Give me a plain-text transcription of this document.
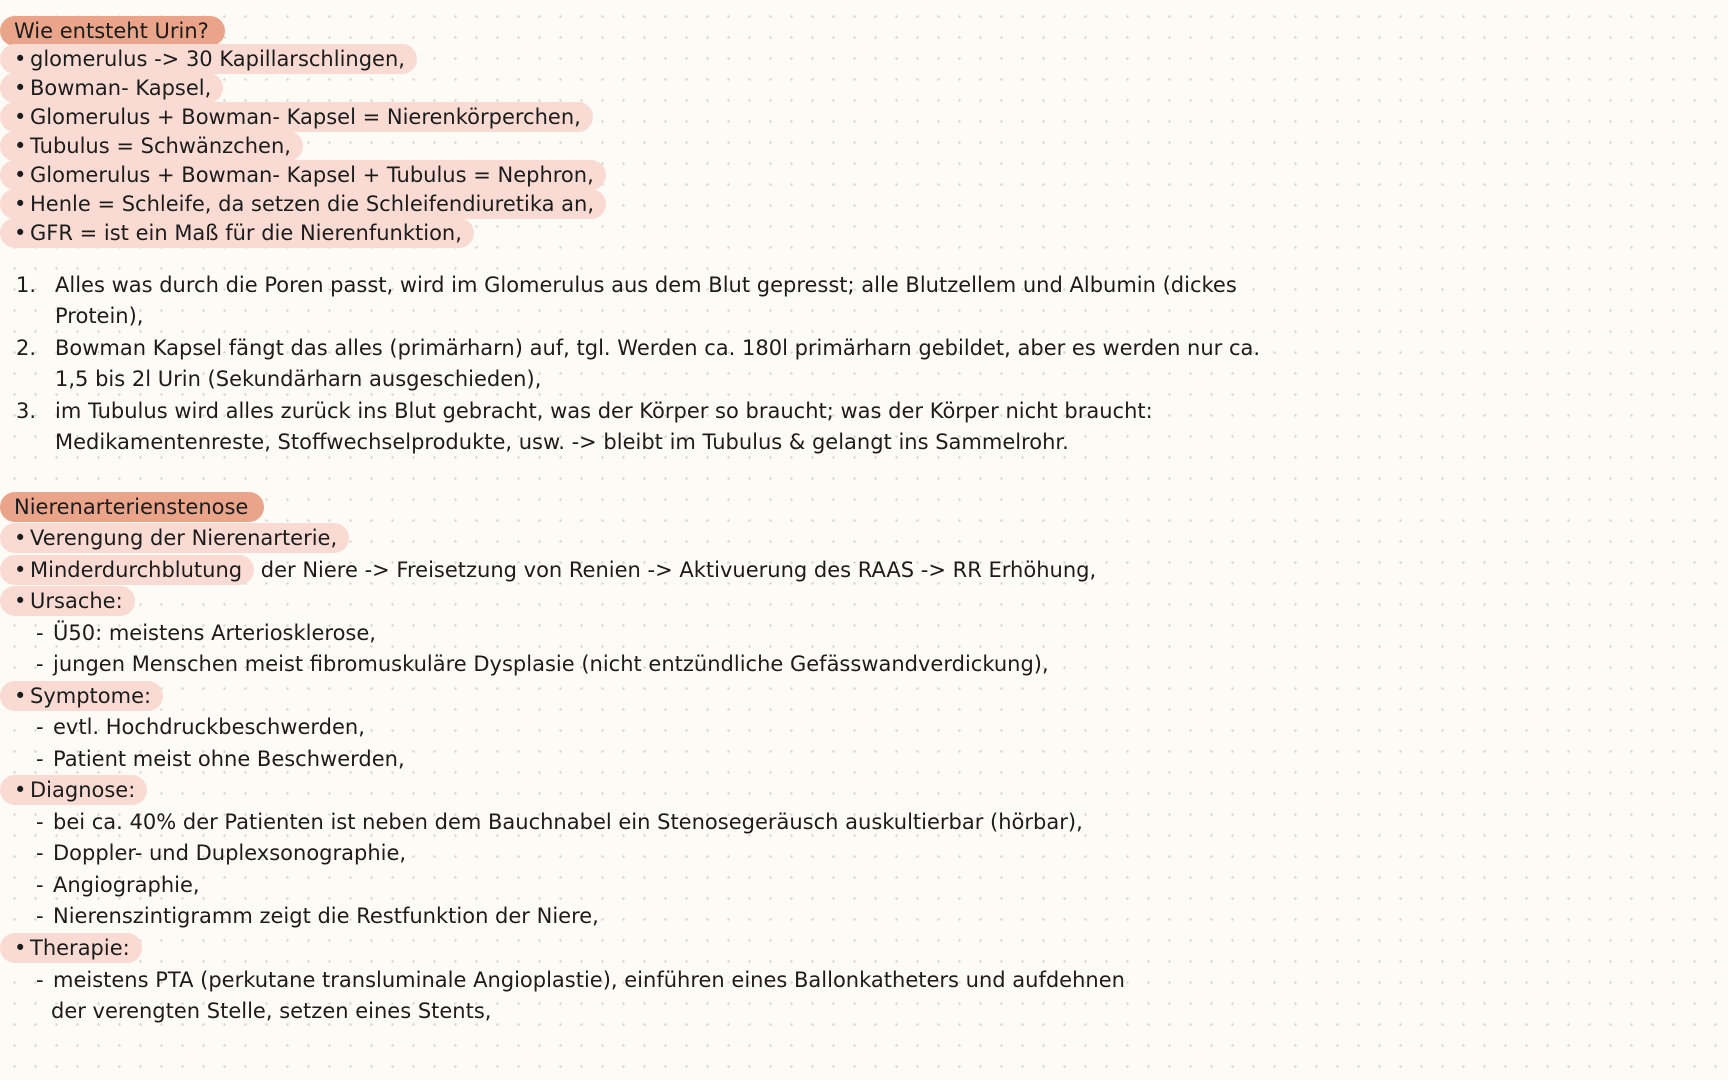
Wie entsteht Urin?
• glomerulus -> 30 Kapillarschlingen,
• Bowman- Kapsel,
• Glomerulus + Bowman- Kapsel = Nierenkörperchen,
• Tubulus = Schwänzchen,
• Glomerulus + Bowman- Kapsel + Tubulus = Nephron,
• Henle = Schleife, da setzen die Schleifendiuretika an,
• GFR = ist ein Maß für die Nierenfunktion,
1. Alles was durch die Poren passt, wird im Glomerulus aus dem Blut gepresst; alle Blutzellem und Albumin (dickes
Protein),
2. Bowman Kapsel fängt das alles (primärharn) auf, tgl. Werden ca. 180l primärharn gebildet, aber es werden nur ca.
1,5 bis 2l Urin (Sekundärharn ausgeschieden),
3. im Tubulus wird alles zurück ins Blut gebracht, was der Körper so braucht; was der Körper nicht braucht:
Medikamentenreste, Stoffwechselprodukte, usw. -> bleibt im Tubulus & gelangt ins Sammelrohr.
Nierenarterienstenose
• Verengung der Nierenarterie,
• Minderdurchblutung der Niere -> Freisetzung von Renien -> Aktivuerung des RAAS -> RR Erhöhung,
• Ursache:
- Ü50: meistens Arteriosklerose,
- jungen Menschen meist fibromuskuläre Dysplasie (nicht entzündliche Gefässwandverdickung),
• Symptome:
- evtl. Hochdruckbeschwerden,
- Patient meist ohne Beschwerden,
• Diagnose:
- bei ca. 40% der Patienten ist neben dem Bauchnabel ein Stenosegeräusch auskultierbar (hörbar),
- Doppler- und Duplexsonographie,
- Angiographie,
- Nierenszintigramm zeigt die Restfunktion der Niere,
• Therapie:
- meistens PTA (perkutane transluminale Angioplastie), einführen eines Ballonkatheters und aufdehnen
der verengten Stelle, setzen eines Stents,
